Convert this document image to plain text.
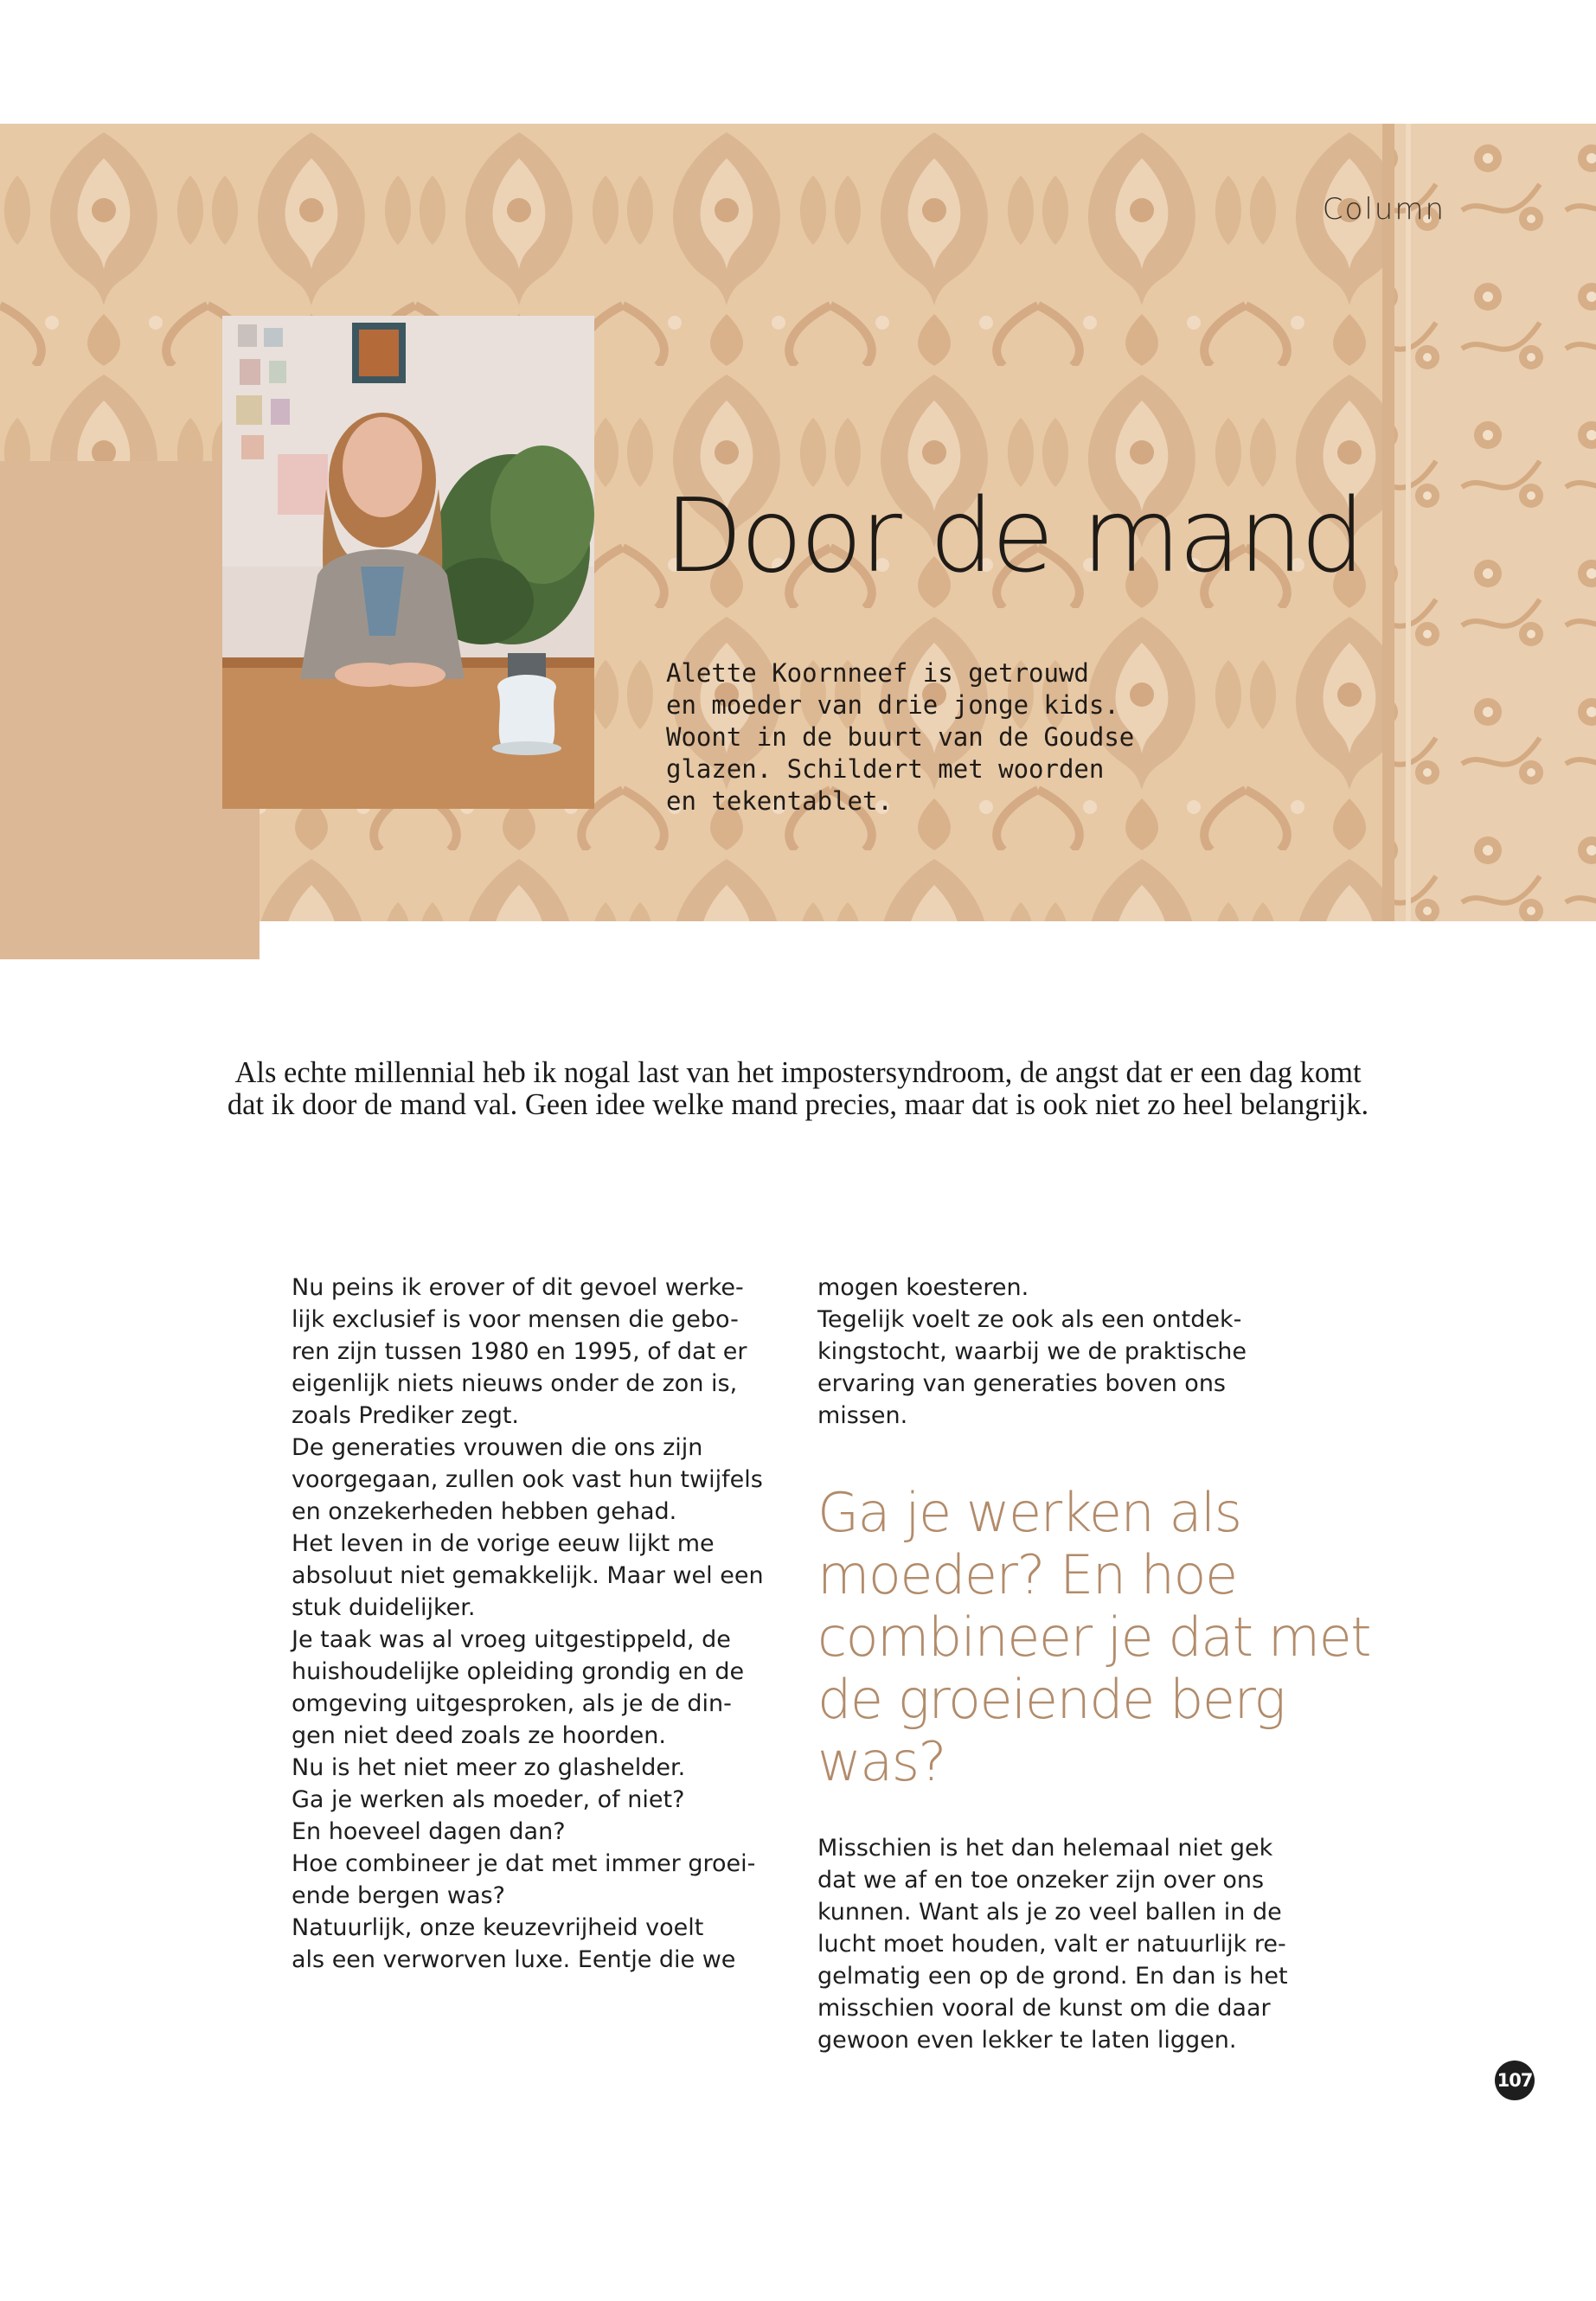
Column
Door de mand
Alette Koornneef is getrouwd
en moeder van drie jonge kids.
Woont in de buurt van de Goudse
glazen. Schildert met woorden
en tekentablet.
Als echte millennial heb ik nogal last van het impostersyndroom, de angst dat er een dag komt dat ik door de mand val. Geen idee welke mand precies, maar dat is ook niet zo heel belangrijk.

Nu peins ik erover of dit gevoel werke-

lijk exclusief is voor mensen die gebo-

ren zijn tussen 1980 en 1995, of dat er

eigenlijk niets nieuws onder de zon is,

zoals Prediker zegt.

De generaties vrouwen die ons zijn

voorgegaan, zullen ook vast hun twijfels

en onzekerheden hebben gehad.

Het leven in de vorige eeuw lijkt me

absoluut niet gemakkelijk. Maar wel een

stuk duidelijker.

Je taak was al vroeg uitgestippeld, de

huishoudelijke opleiding grondig en de

omgeving uitgesproken, als je de din-

gen niet deed zoals ze hoorden.

Nu is het niet meer zo glashelder.

Ga je werken als moeder, of niet?

En hoeveel dagen dan?

Hoe combineer je dat met immer groei-

ende bergen was?

Natuurlijk, onze keuzevrijheid voelt

als een verworven luxe. Eentje die we

mogen koesteren.

Tegelijk voelt ze ook als een ontdek-

kingstocht, waarbij we de praktische

ervaring van generaties boven ons

missen.

Ga je werken als moeder? En hoe combineer je dat met de groeiende berg was?

Misschien is het dan helemaal niet gek

dat we af en toe onzeker zijn over ons

kunnen. Want als je zo veel ballen in de

lucht moet houden, valt er natuurlijk re-

gelmatig een op de grond. En dan is het

misschien vooral de kunst om die daar

gewoon even lekker te laten liggen.

107
